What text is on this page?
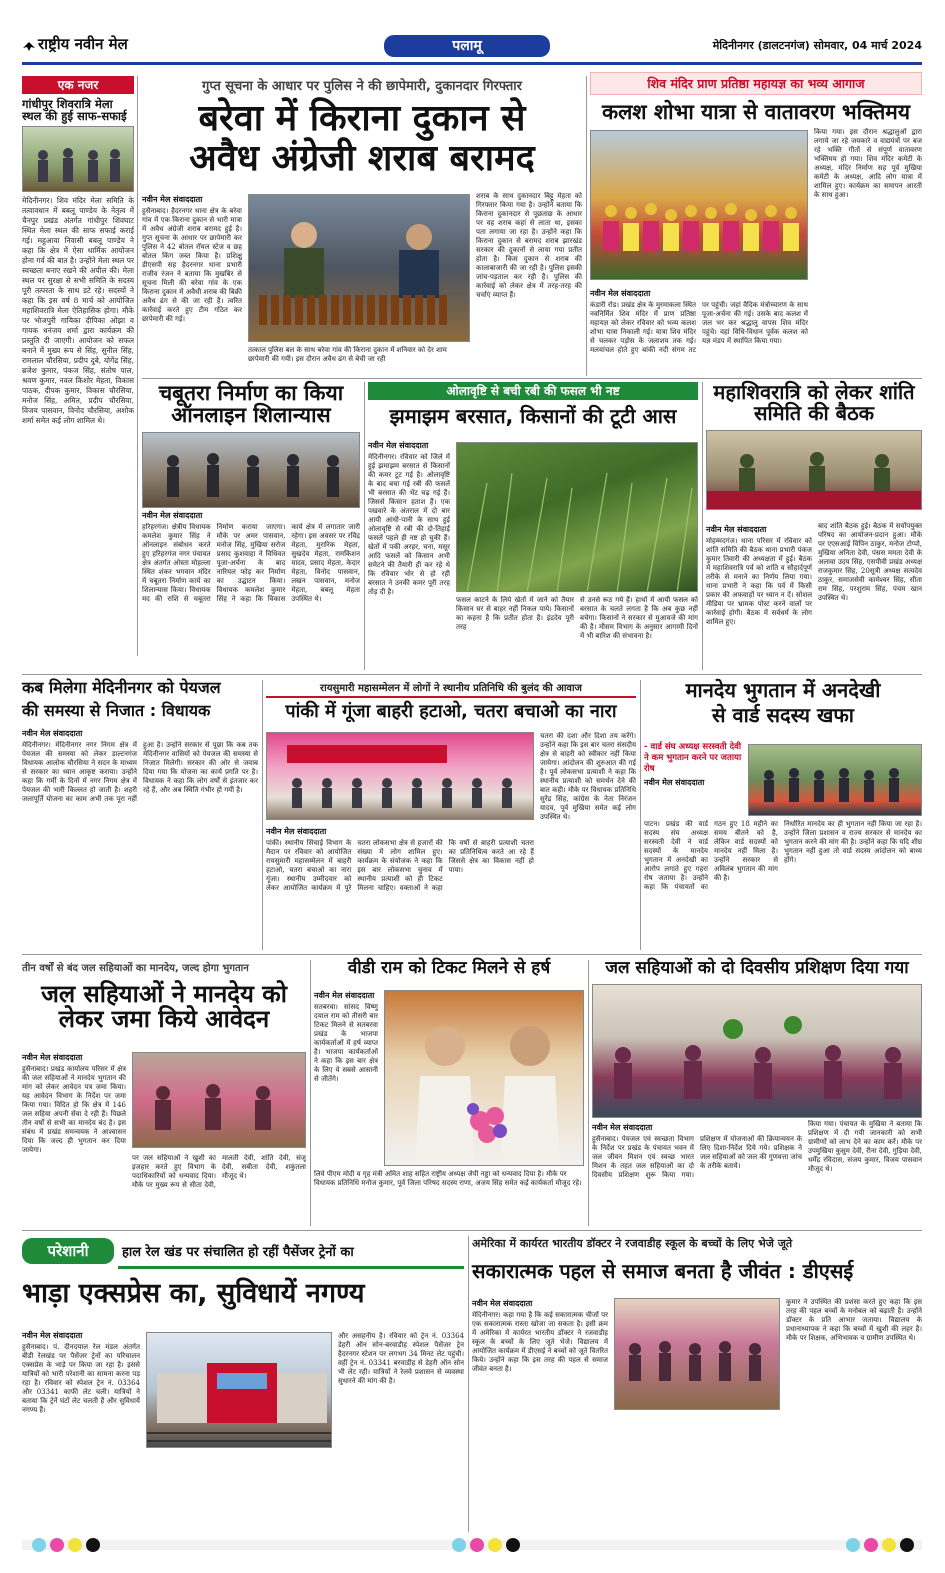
राष्ट्रीय नवीन मेल	पलामू	मेदिनीनगर (डालटनगंज) सोमवार, 04 मार्च 2024
एक नजर
गांधीपुर शिवरात्रि मेला स्थल की हुई साफ-सफाई
मेदिनीनगर। शिव मंदिर मेला समिति के तत्वावधान में बबलू पाण्डेय के नेतृत्व में चैनपुर प्रखंड अंतर्गत गांधीपुर शिवघाट स्थित मेला स्थल की साफ सफाई कराई गई। महुआवा निवासी बबलू पाण्डेय ने कहा कि क्षेत्र में ऐसा धार्मिक आयोजन होना गर्व की बात है। उन्होंने मेला स्थल पर स्वच्छता बनाए रखने की अपील की। मेला स्थल पर सुरक्षा से सभी समिति के सदस्य पूरी तत्परता के साथ डटे रहे। सदस्यों ने कहा कि इस वर्ष 8 मार्च को आयोजित महाशिवरात्रि मेला ऐतिहासिक होगा। मौके पर भोजपुरी गायिका दीपिका ओझा व गायक धनंजय शर्मा द्वारा कार्यक्रम की प्रस्तुति दी जाएगी। आयोजन को सफल बनाने में मुख्य रूप से सिंह, सुनील सिंह, रामलाल चौरसिया, प्रदीप दुबे, योगेंद्र सिंह, ब्रजेश कुमार, पंकज सिंह, संतोष पाल, श्रवण कुमार, नवल किशोर मेहता, विकास पाठक, दीपक कुमार, विकास चौरसिया, मनोज सिंह, अमित, प्रदीप चौरसिया, विजय पासवान, विनोद चौरसिया, अशोक शर्मा समेत कई लोग शामिल थे।
गुप्त सूचना के आधार पर पुलिस ने की छापेमारी, दुकानदार गिरफ्तार
बरेवा में किराना दुकान से
अवैध अंग्रेजी शराब बरामद
नवीन मेल संवाददाता
हुसैनाबाद। हैदरनगर थाना क्षेत्र के बरेवा गांव में एक किराना दुकान से भारी मात्रा में अवैध अंग्रेजी शराब बरामद हुई है। गुप्त सूचना के आधार पर छापेमारी कर पुलिस ने 42 बोतल रॉयल स्टेज व छह बोतल किंग जब्त किया है। प्रशिक्षु डीएसपी सह हैदरनगर थाना प्रभारी राजीव रंजन ने बताया कि मुखबिर से सूचना मिली की बरेवा गांव के एक किराना दुकान में अवैधी शराब की बिक्री अवैध ढंग से की जा रही है। त्वरित कार्रवाई करते हुए टीम गठित कर छापेमारी की गई।
तत्काल पुलिस बल के साथ बरेवा गांव की किराना दुकान में शनिवार को देर शाम छापेमारी की गयी। इस दौरान अवैध ढंग से बेची जा रही
शराब के साथ दुकानदार बिट्टू मेहता को गिरफ्तार किया गया है। उन्होंने बताया कि किराना दुकानदार से पूछताछ के आधार पर वह शराब कहां से लाता था, इसका पता लगाया जा रहा है। उन्होंने कहा कि किराना दुकान से बरामद शराब झारखंड सरकार की दुकानों से लाया गया प्रतीत होता है। किस दुकान से शराब की कालाबाजारी की जा रही है। पुलिस इसकी जांच-पड़ताल कर रही है। पुलिस की कार्रवाई को लेकर क्षेत्र में तरह-तरह की चर्चाएं व्याप्त हैं।
शिव मंदिर प्राण प्रतिष्ठा महायज्ञ का भव्य आगाज
कलश शोभा यात्रा से वातावरण भक्तिमय
किया गया। इस दौरान श्रद्धालुओं द्वारा लगाये जा रहे जयकारे व वाद्ययंत्रों पर बज रहे भक्ति गीतों से संपूर्ण वातावरण भक्तिमय हो गया। शिव मंदिर कमेटी के अध्यक्ष, मंदिर निर्माण सह पूर्व मुखिया कमेटी के अध्यक्ष, आदि लोग यात्रा में शामिल हुए। कार्यक्रम का समापन आरती के साथ हुआ।
नवीन मेल संवाददाता
कंडारी रोड। प्रखंड क्षेत्र के मुरमाकला स्थित नवनिर्मित शिव मंदिर में प्राण प्रतिष्ठा महायज्ञ को लेकर रविवार को भव्य कलश शोभा यात्रा निकाली गई। यात्रा शिव मंदिर से चलकर पड़ोस के जलाशय तक गई। मलयांचल होते हुए बांकी नदी संगम तट पर पहुंची। जहां वैदिक मंत्रोच्चारण के साथ पूजा-अर्चना की गई। उसके बाद कलश में जल भर कर श्रद्धालु वापस शिव मंदिर पहुंचे। वहां विधि-विधान पूर्वक कलश को यज्ञ मंडप में स्थापित किया गया।
चबूतरा निर्माण का किया ऑनलाइन शिलान्यास
नवीन मेल संवाददाता
हरिहरगंज। क्षेत्रीय विधायक कमलेश कुमार सिंह ने ऑनलाइन संबोधन करते हुए हरिहरगंज नगर पंचायत क्षेत्र अंतर्गत ओस्ता मोहल्ला स्थित शंकर भगवान मंदिर में चबूतरा निर्माण कार्य का शिलान्यास किया। विधायक मद की राशि से चबूतरा निर्माण कराया जाएगा। मौके पर अमर पासवान, मनोज सिंह, मुखिया सरोज प्रसाद कुशवाहा ने विधिवत पूजा-अर्चना के बाद नारियल फोड़ कर निर्माण का उद्घाटन किया। विधायक कमलेश कुमार सिंह ने कहा कि विकास कार्य क्षेत्र में लगातार जारी रहेगा। इस अवसर पर रविंद्र मेहता, मुरारिक मेहता, सुखदेव मेहता, रामकिशन यादव, प्रसाद मेहता, केदार मेहता, विनोद पासवान, लखन पासवान, मनोज मेहता, बबलू मेहता उपस्थित थे।
ओलावृष्टि से बची रबी की फसल भी नष्ट
झमाझम बरसात, किसानों की टूटी आस
नवीन मेल संवाददाता
मेदिनीनगर। रविवार को जिले में हुई झमाझम बरसात से किसानों की कमर टूट गई है। ओलावृष्टि के बाद बचा गई रबी की फसलें भी बरसात की भेंट चढ़ गई हैं। जिससे किसान हताश हैं। एक पखवारे के अंतराल में दो बार आयी आंधी-पानी के साथ हुई ओलावृष्टि से रबी की दो-तिहाई फसलें पहले ही नष्ट हो चुकी हैं। खेतों में पकी अरहर, चना, मसूर आदि फसलें को किसान अभी समेटने की तैयारी ही कर रहे थे कि रविवार भोर से हो रही बरसात ने उनकी कमर पूरी तरह तोड़ दी है।
फसल काटने के लिये खेतों में जाने को तैयार किसान घर से बाहर नहीं निकल पाये। किसानों का कहना है कि प्रतीत होता है। इंद्रदेव पूरी तरह
से उनसे रूठ गये हैं। हाथों में आयी फसल को बरसात के चलते लगता है कि अब कुछ नहीं बचेगा। किसानों ने सरकार से मुआवजे की मांग की है। मौसम विभाग के अनुसार आगामी दिनों में भी बारिश की संभावना है।
महाशिवरात्रि को लेकर शांति समिति की बैठक
नवीन मेल संवाददाता
मोहम्मदगंज। थाना परिसर में रविवार को शांति समिति की बैठक थाना प्रभारी पंकज कुमार तिवारी की अध्यक्षता में हुई। बैठक में महाशिवरात्रि पर्व को शांति व सौहार्दपूर्ण तरीके से मनाने का निर्णय लिया गया। थाना प्रभारी ने कहा कि पर्व में किसी प्रकार की अफवाहों पर ध्यान न दें। सोशल मीडिया पर भ्रामक पोस्ट करने वालों पर कार्रवाई होगी। बैठक में सर्वधर्म के लोग शामिल हुए।
बाद शांति बैठक हुई। बैठक में सर्वोपयुक्त परिषद का आयोजन-प्रदान हुआ। मौके पर एएसआई विपिन ठाकुर, मनोज टोप्पो, मुखिया अनिता देवी, पंसस ममता देवी के अलावा उदय सिंह, एसपीवी प्रखंड अध्यक्ष राजकुमार सिंह, 20सूत्री अध्यक्ष सत्यदेव ठाकुर, समाजसेवी कामेश्वर सिंह, सीता राम सिंह, परशुराम सिंह, पंचम खान उपस्थित थे।
कब मिलेगा मेदिनीनगर को पेयजल
की समस्या से निजात : विधायक
नवीन मेल संवाददाता
मेदिनीनगर। मेदिनीनगर नगर निगम क्षेत्र में पेयजल की समस्या को लेकर डाल्टनगंज विधायक आलोक चौरसिया ने सदन के माध्यम से सरकार का ध्यान आकृष्ट कराया। उन्होंने कहा कि गर्मी के दिनों में नगर निगम क्षेत्र में पेयजल की भारी किल्लत हो जाती है। शहरी जलापूर्ति योजना का काम अभी तक पूरा नहीं हुआ है। उन्होंने सरकार से पूछा कि कब तक मेदिनीनगर वासियों को पेयजल की समस्या से निजात मिलेगी। सरकार की ओर से जवाब दिया गया कि योजना का कार्य प्रगति पर है। विधायक ने कहा कि लोग वर्षों से इंतजार कर रहे हैं, और अब स्थिति गंभीर हो गयी है।
रायसुमारी महासम्मेलन में लोगों ने स्थानीय प्रतिनिधि की बुलंद की आवाज
पांकी में गूंजा बाहरी हटाओ, चतरा बचाओ का नारा
नवीन मेल संवाददाता
पांकी। स्थानीय सिंचाई विभाग के मैदान पर रविवार को आयोजित रायसुमारी महासम्मेलन में बाहरी हटाओ, चतरा बचाओ का नारा गूंजा। स्थानीय उम्मीदवार को लेकर आयोजित कार्यक्रम में पूरे चतरा लोकसभा क्षेत्र से हजारों की संख्या में लोग शामिल हुए। कार्यक्रम के संयोजक ने कहा कि इस बार लोकसभा चुनाव में स्थानीय प्रत्याशी को ही टिकट मिलना चाहिए। वक्ताओं ने कहा कि वर्षों से बाहरी प्रत्याशी चतरा का प्रतिनिधित्व करते आ रहे हैं जिससे क्षेत्र का विकास नहीं हो पाया।
चतरा की दशा और दिशा तय करेंगे। उन्होंने कहा कि इस बार चतरा संसदीय क्षेत्र से बाहरी को स्वीकार नहीं किया जायेगा। आंदोलन की शुरुआत की गई है। पूर्व लोकसभा प्रत्याशी ने कहा कि स्थानीय प्रत्याशी को समर्थन देने की बात कही। मौके पर विधायक प्रतिनिधि सुरेंद्र सिंह, कांग्रेस के नेता निरंजन यादव, पूर्व मुखिया समेत कई लोग उपस्थित थे।
मानदेय भुगतान में अनदेखी
से वार्ड सदस्य खफा
- वार्ड संघ अध्यक्ष सरस्वती देवी ने कम भुगतान करने पर जताया रोष
नवीन मेल संवाददाता
पाटन। प्रखंड की वार्ड सदस्य संघ अध्यक्ष सरस्वती देवी ने वार्ड सदस्यों के मानदेय भुगतान में अनदेखी का आरोप लगाते हुए गहरा रोष जताया है। उन्होंने कहा कि पंचायतों का गठन हुए 18 महीने का समय बीतने को है, लेकिन वार्ड सदस्यों को मानदेय नहीं मिला है। उन्होंने सरकार से अविलंब भुगतान की मांग की है।
निर्धारित मानदेय का ही भुगतान नहीं किया जा रहा है। उन्होंने जिला प्रशासन व राज्य सरकार से मानदेय का भुगतान करने की मांग की है। उन्होंने कहा कि यदि शीघ्र भुगतान नहीं हुआ तो वार्ड सदस्य आंदोलन को बाध्य होंगे।
तीन वर्षों से बंद जल सहियाओं का मानदेय, जल्द होगा भुगतान
जल सहियाओं ने मानदेय को लेकर जमा किये आवेदन
नवीन मेल संवाददाता
हुसैनाबाद। प्रखंड कार्यालय परिसर में क्षेत्र की जल सहियाओं ने मानदेय भुगतान की मांग को लेकर आवेदन पत्र जमा किया। यह आवेदन विभाग के निर्देश पर जमा किया गया। विदित हो कि क्षेत्र में 146 जल सहिया अपनी सेवा दे रही हैं। पिछले तीन वर्षों से सभी का मानदेय बंद है। इस संबंध में प्रखंड समन्वयक ने आश्वासन दिया कि जल्द ही भुगतान कर दिया जायेगा।
पर जल सहियाओं ने खुशी का इजहार करते हुए विभाग के पदाधिकारियों को धन्यवाद दिया। मौके पर मुख्य रूप से सीता देवी, मालती देवी, शांति देवी, संजू देवी, सबीता देवी, शकुंतला मौजूद थे।
वीडी राम को टिकट मिलने से हर्ष
नवीन मेल संवाददाता
सतबरवा। सांसद विष्णु दयाल राम को तीसरी बार टिकट मिलने से सतबरवा प्रखंड के भाजपा कार्यकर्ताओं में हर्ष व्याप्त है। भाजपा कार्यकर्ताओं ने कहा कि इस बार क्षेत्र के लिए ये सबसे आसानी से जीतेंगे।
लिये पीएम मोदी व गृह मंत्री अमित शाह सहित राष्ट्रीय अध्यक्ष जेपी नड्डा को धन्यवाद दिया है। मौके पर विधायक प्रतिनिधि मनोज कुमार, पूर्व जिला परिषद सदस्य राणा, अजय सिंह समेत कई कार्यकर्ता मौजूद रहे।
जल सहियाओं को दो दिवसीय प्रशिक्षण दिया गया
नवीन मेल संवाददाता
हुसैनाबाद। पेयजल एवं स्वच्छता विभाग के निर्देश पर प्रखंड के पंचायत भवन में जल जीवन मिशन एवं स्वच्छ भारत मिशन के तहत जल सहियाओं का दो दिवसीय प्रशिक्षण शुरू किया गया। प्रशिक्षण में योजनाओं की क्रियान्वयन के लिए दिशा-निर्देश दिये गये। प्रशिक्षक ने जल सहियाओं को जल की गुणवत्ता जांच के तरीके बताये।
किया गया। पंचायत के मुखिया ने बताया कि प्रशिक्षण में दी गयी जानकारी को सभी ग्रामीणों को लाभ देने का काम करें। मौके पर उपमुखिया कुसुम देवी, रीना देवी, गुड़िया देवी, धर्मेंद्र रविदास, संजय कुमार, विजय पासवान मौजूद थे।
परेशानी	हाल रेल खंड पर संचालित हो रहीं पैसेंजर ट्रेनों का
भाड़ा एक्सप्रेस का, सुविधायें नगण्य
नवीन मेल संवाददाता
हुसैनाबाद। पं. दीनदयाल रेल मंडल अंतर्गत बीडी रेलखंड पर पैसेंजर ट्रेनों का परिचालन एक्सप्रेस के भाड़े पर किया जा रहा है। इससे यात्रियों को भारी परेशानी का सामना करना पड़ रहा है। रविवार को स्पेशल ट्रेन नं. 03364 और 03341 काफी लेट चली। यात्रियों ने बताया कि ट्रेनें घंटों लेट चलती हैं और सुविधायें नगण्य हैं।
और असहनीय है। रविवार को ट्रेन नं. 03364 डेहरी ऑन सोन-बरवाडीह स्पेशल पैसेंजर ट्रेन हैदरनगर स्टेशन पर लगभग 34 मिनट लेट पहुंची। वहीं ट्रेन नं. 03341 बरवाडीह से डेहरी ऑन सोन भी लेट रही। यात्रियों ने रेलवे प्रशासन से व्यवस्था सुधारने की मांग की है।
अमेरिका में कार्यरत भारतीय डॉक्टर ने रजवाडीह स्कूल के बच्चों के लिए भेजे जूते
सकारात्मक पहल से समाज बनता है जीवंत : डीएसई
नवीन मेल संवाददाता
मेदिनीनगर। कहा गया है कि कई सकारात्मक चीजों पर एक सकारात्मक रास्ता खोजा जा सकता है। इसी क्रम में अमेरिका में कार्यरत भारतीय डॉक्टर ने रजवाडीह स्कूल के बच्चों के लिए जूते भेजे। विद्यालय में आयोजित कार्यक्रम में डीएसई ने बच्चों को जूते वितरित किये। उन्होंने कहा कि इस तरह की पहल से समाज जीवंत बनता है।
कुमार ने उपस्थित की प्रशंसा करते हुए कहा कि इस तरह की पहल बच्चों के मनोबल को बढ़ाती है। उन्होंने डॉक्टर के प्रति आभार जताया। विद्यालय के प्रधानाध्यापक ने कहा कि बच्चों में खुशी की लहर है। मौके पर शिक्षक, अभिभावक व ग्रामीण उपस्थित थे।
